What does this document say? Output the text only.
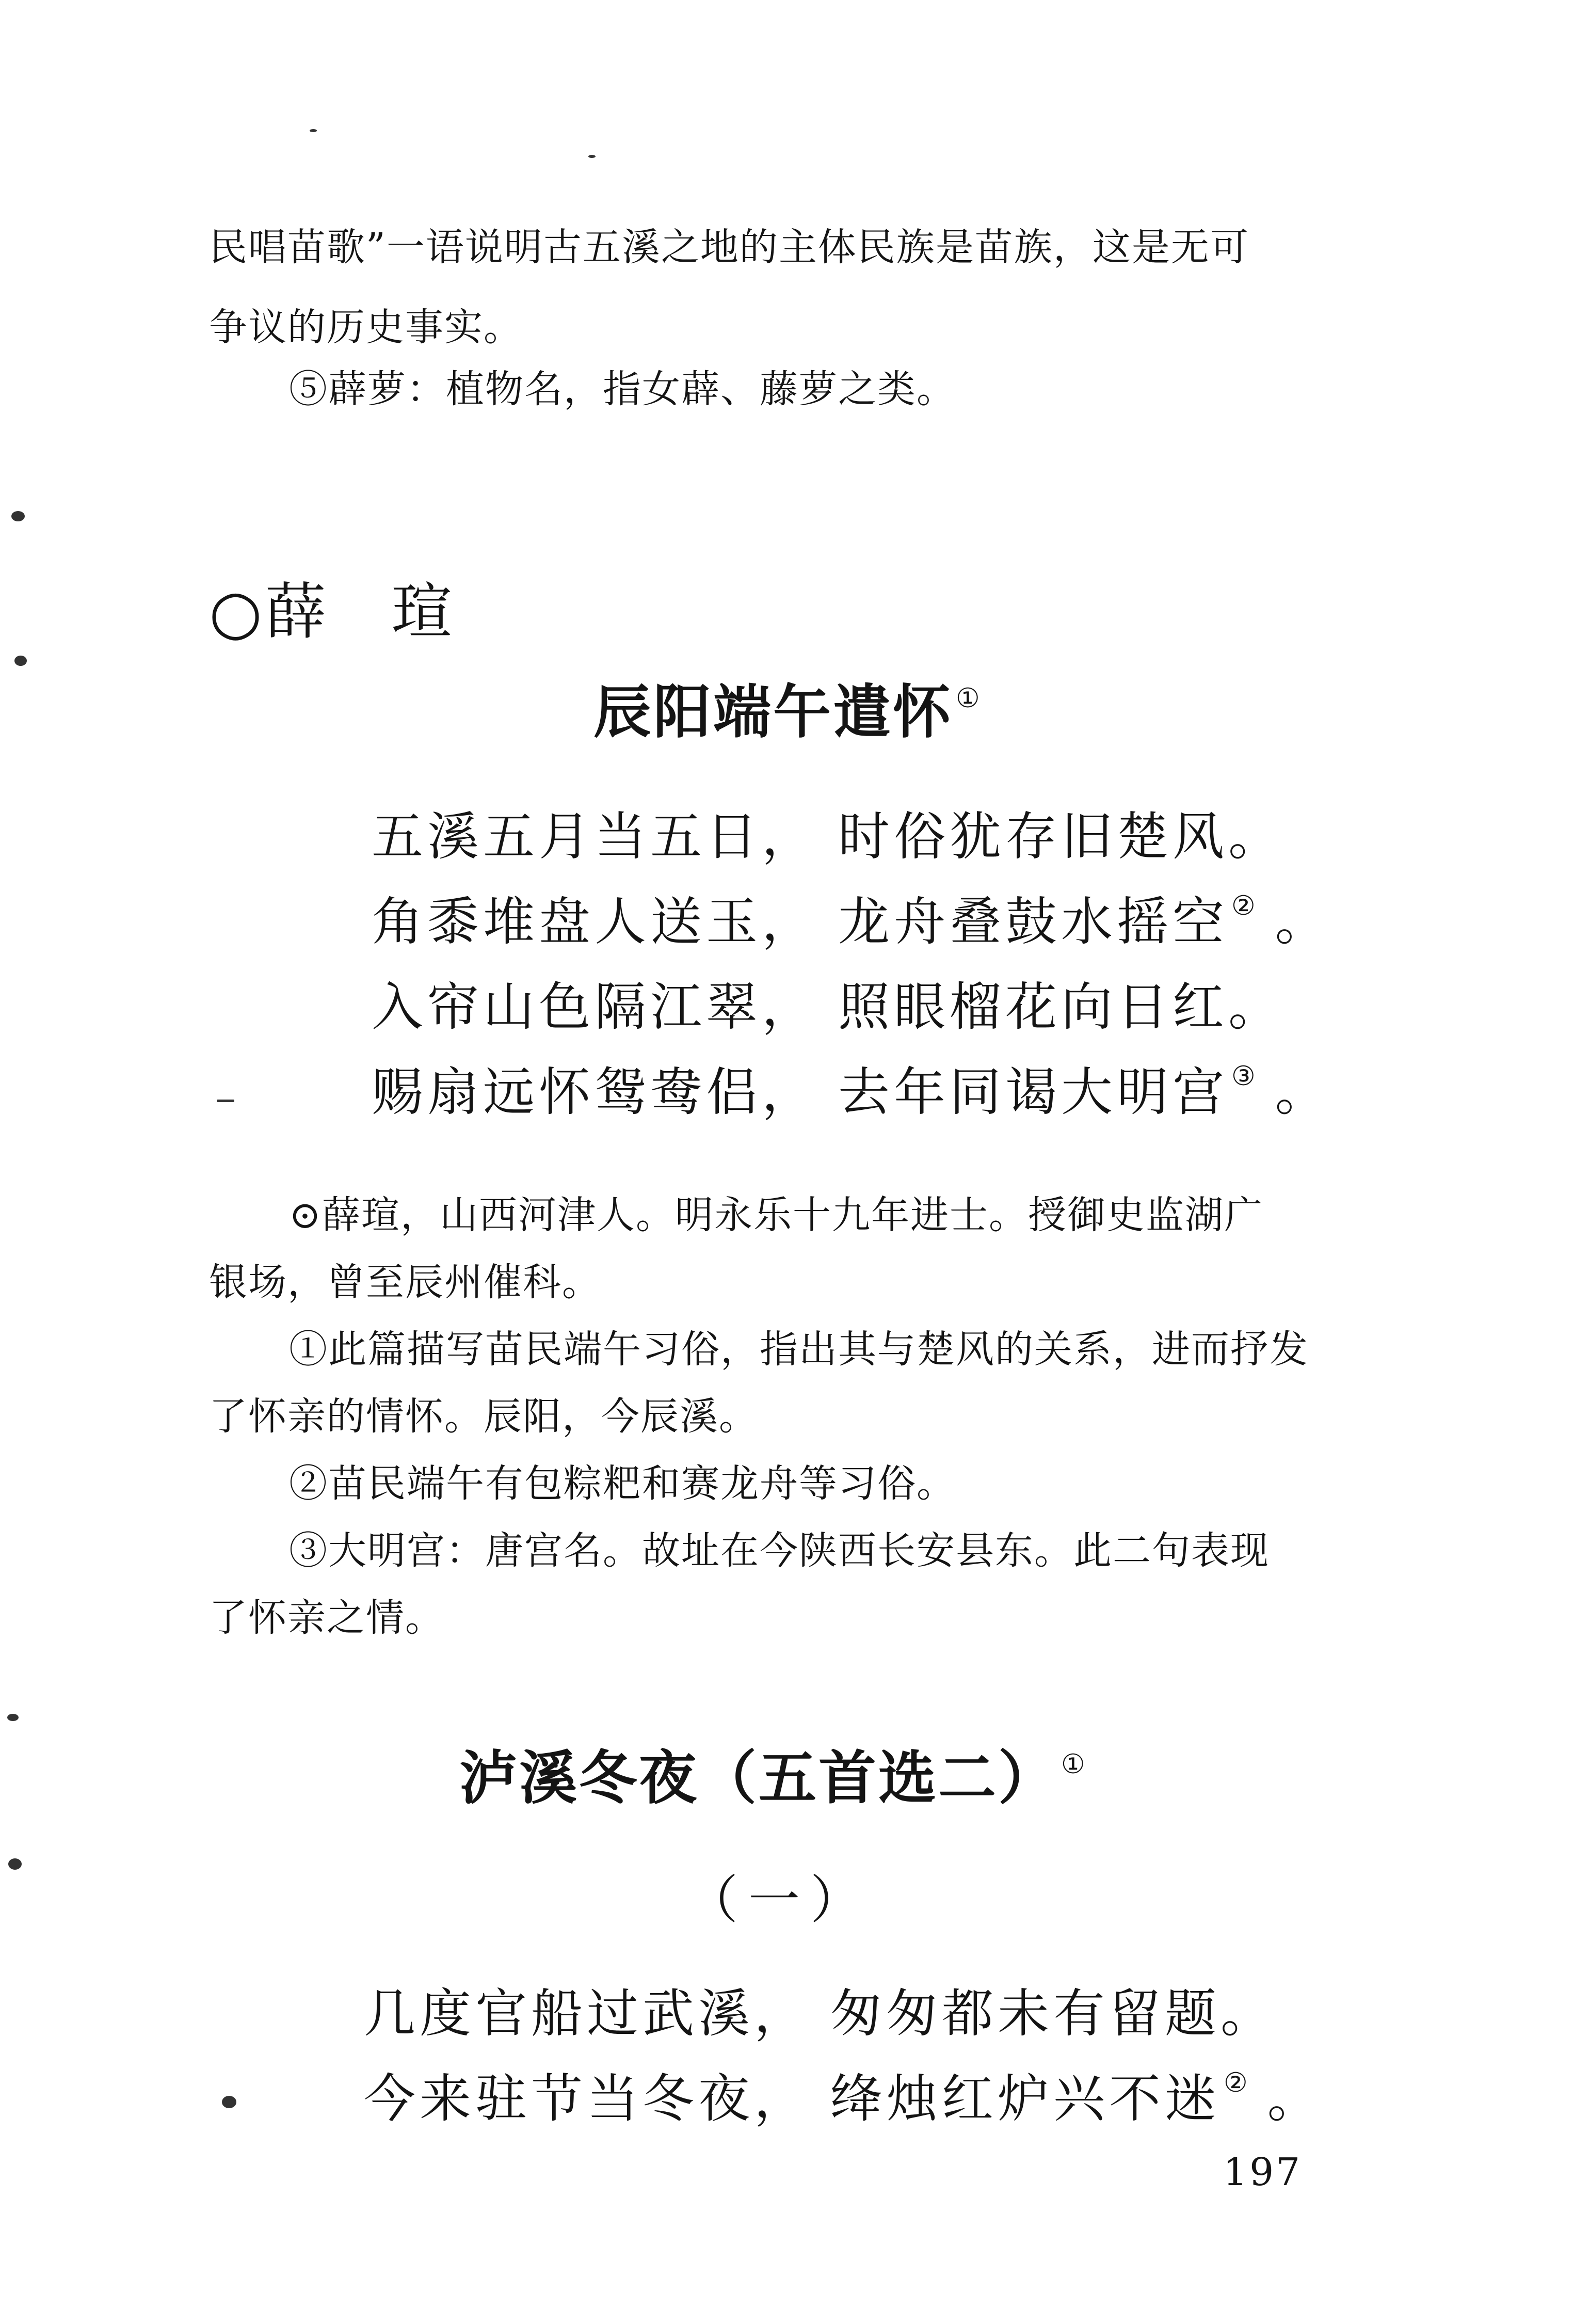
民唱苗歌”一语说明古五溪之地的主体民族是苗族，这是无可
争议的历史事实。
⑤薜萝：植物名，指女薜、藤萝之类。
○薛 瑄
辰阳端午遣怀 ①
五溪五月当五日， 时俗犹存旧楚风。
角黍堆盘人送玉， 龙舟叠鼓水摇空 ② 。
入帘山色隔江翠， 照眼榴花向日红。
赐扇远怀鸳鸯侣， 去年同谒大明宫 ③ 。
⊙薛瑄，山西河津人。明永乐十九年进士。授御史监湖广
银场，曾至辰州催科。
①此篇描写苗民端午习俗，指出其与楚风的关系，进而抒发
了怀亲的情怀。辰阳，今辰溪。
②苗民端午有包粽粑和赛龙舟等习俗。
③大明宫：唐宫名。故址在今陕西长安县东。此二句表现
了怀亲之情。
泸溪冬夜（五首选二） ①
（一）
几度官船过武溪， 匆匆都未有留题。
今来驻节当冬夜， 绛烛红炉兴不迷 ② 。
197
